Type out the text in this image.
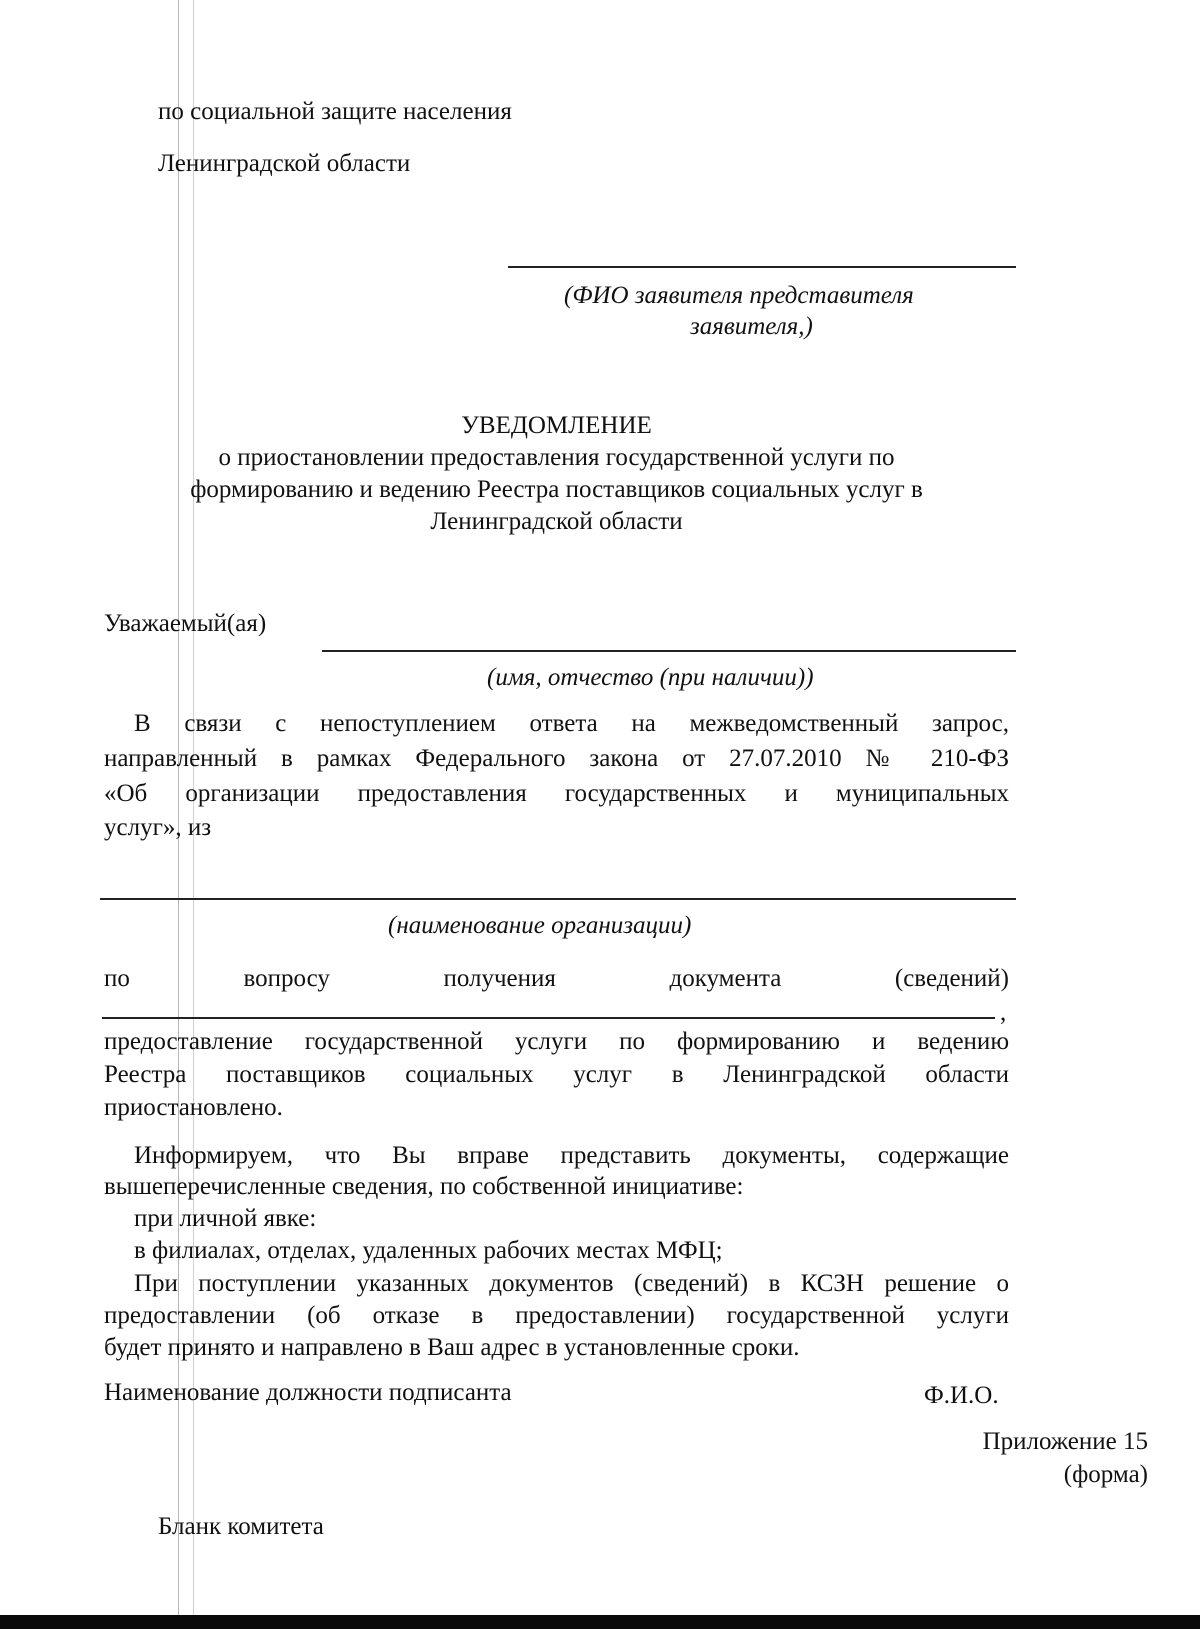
по социальной защите населения
Ленинградской области
(ФИО заявителя представителя
заявителя,)
УВЕДОМЛЕНИЕ
о приостановлении предоставления государственной услуги по
формированию и ведению Реестра поставщиков социальных услуг в
Ленинградской области
Уважаемый(ая)
(имя, отчество (при наличии))
В связи с непоступлением ответа на межведомственный запрос,
направленный в рамках Федерального закона от 27.07.2010 № 210-ФЗ
«Об организации предоставления государственных и муниципальных
услуг», из
(наименование организации)
по	вопросу	получения	документа	(сведений)
,
предоставление государственной услуги по формированию и ведению
Реестра поставщиков социальных услуг в Ленинградской области
приостановлено.
Информируем, что Вы вправе представить документы, содержащие
вышеперечисленные сведения, по собственной инициативе:
при личной явке:
в филиалах, отделах, удаленных рабочих местах МФЦ;
При поступлении указанных документов (сведений) в КСЗН решение о
предоставлении (об отказе в предоставлении) государственной услуги
будет принято и направлено в Ваш адрес в установленные сроки.
Наименование должности подписанта	Ф.И.О.
Приложение 15
(форма)
Бланк комитета
